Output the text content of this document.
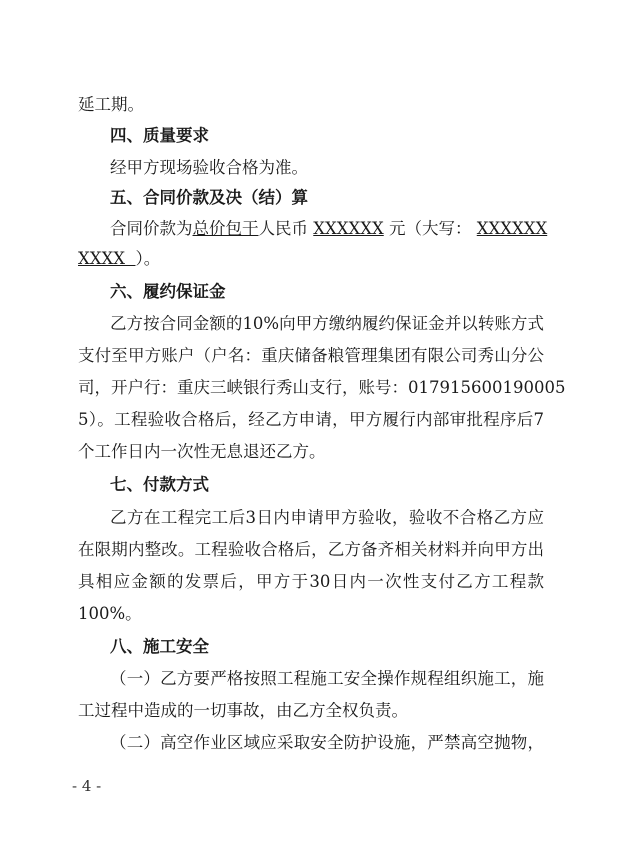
延工期。
四、质量要求
经甲方现场验收合格为准。
五、合同价款及决（结）算
合同价款为总价包干人民币 XXXXXX 元（大写： XXXXXX
XXXX ）。
六、履约保证金
乙方按合同金额的10%向甲方缴纳履约保证金并以转账方式
支付至甲方账户（户名：重庆储备粮管理集团有限公司秀山分公
司，开户行：重庆三峡银行秀山支行，账号：017915600190005
5）。工程验收合格后，经乙方申请，甲方履行内部审批程序后7
个工作日内一次性无息退还乙方。
七、付款方式
乙方在工程完工后3日内申请甲方验收，验收不合格乙方应
在限期内整改。工程验收合格后，乙方备齐相关材料并向甲方出
具相应金额的发票后，甲方于30日内一次性支付乙方工程款
100%。
八、施工安全
（一）乙方要严格按照工程施工安全操作规程组织施工，施
工过程中造成的一切事故，由乙方全权负责。
（二）高空作业区域应采取安全防护设施，严禁高空抛物，
- 4 -
